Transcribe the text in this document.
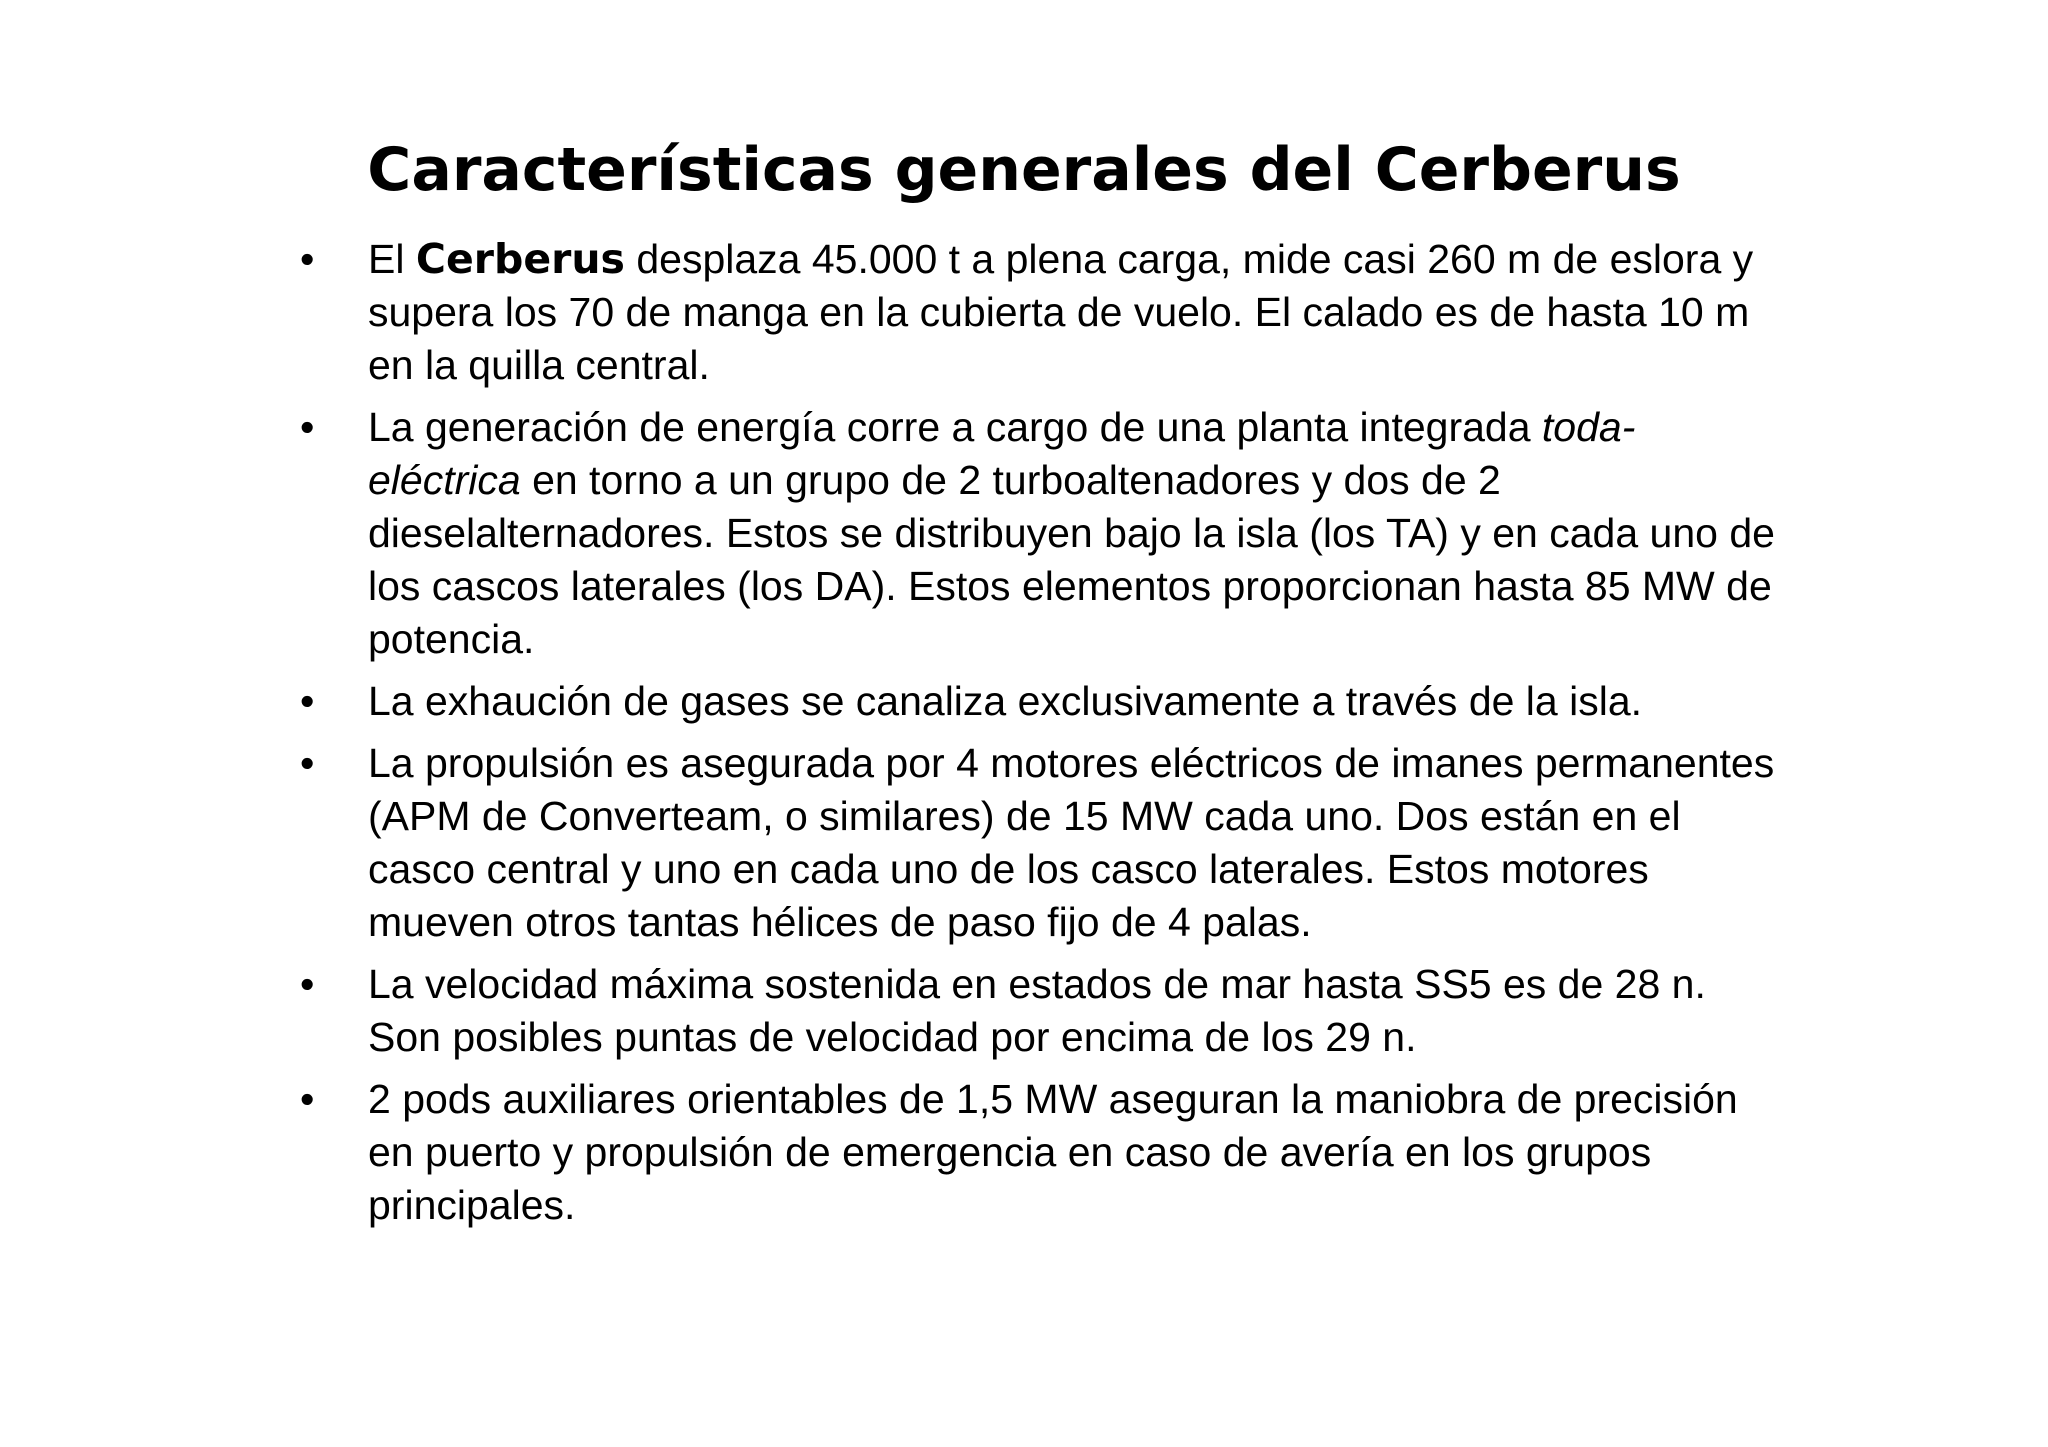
Características generales del Cerberus
•	El Cerberus desplaza 45.000 t a plena carga, mide casi 260 m de eslora y supera los 70 de manga en la cubierta de vuelo. El calado es de hasta 10 m en la quilla central.
•	La generación de energía corre a cargo de una planta integrada toda-eléctrica en torno a un grupo de 2 turboaltenadores y dos de 2 dieselalternadores. Estos se distribuyen bajo la isla (los TA) y en cada uno de los cascos laterales (los DA). Estos elementos proporcionan hasta 85 MW de potencia.
•	La exhaución de gases se canaliza exclusivamente a través de la isla.
•	La propulsión es asegurada por 4 motores eléctricos de imanes permanentes (APM de Converteam, o similares) de 15 MW cada uno. Dos están en el casco central y uno en cada uno de los casco laterales. Estos motores mueven otros tantas hélices de paso fijo de 4 palas.
•	La velocidad máxima sostenida en estados de mar hasta SS5 es de 28 n. Son posibles puntas de velocidad por encima de los 29 n.
•	2 pods auxiliares orientables de 1,5 MW aseguran la maniobra de precisión en puerto y propulsión de emergencia en caso de avería en los grupos principales.
